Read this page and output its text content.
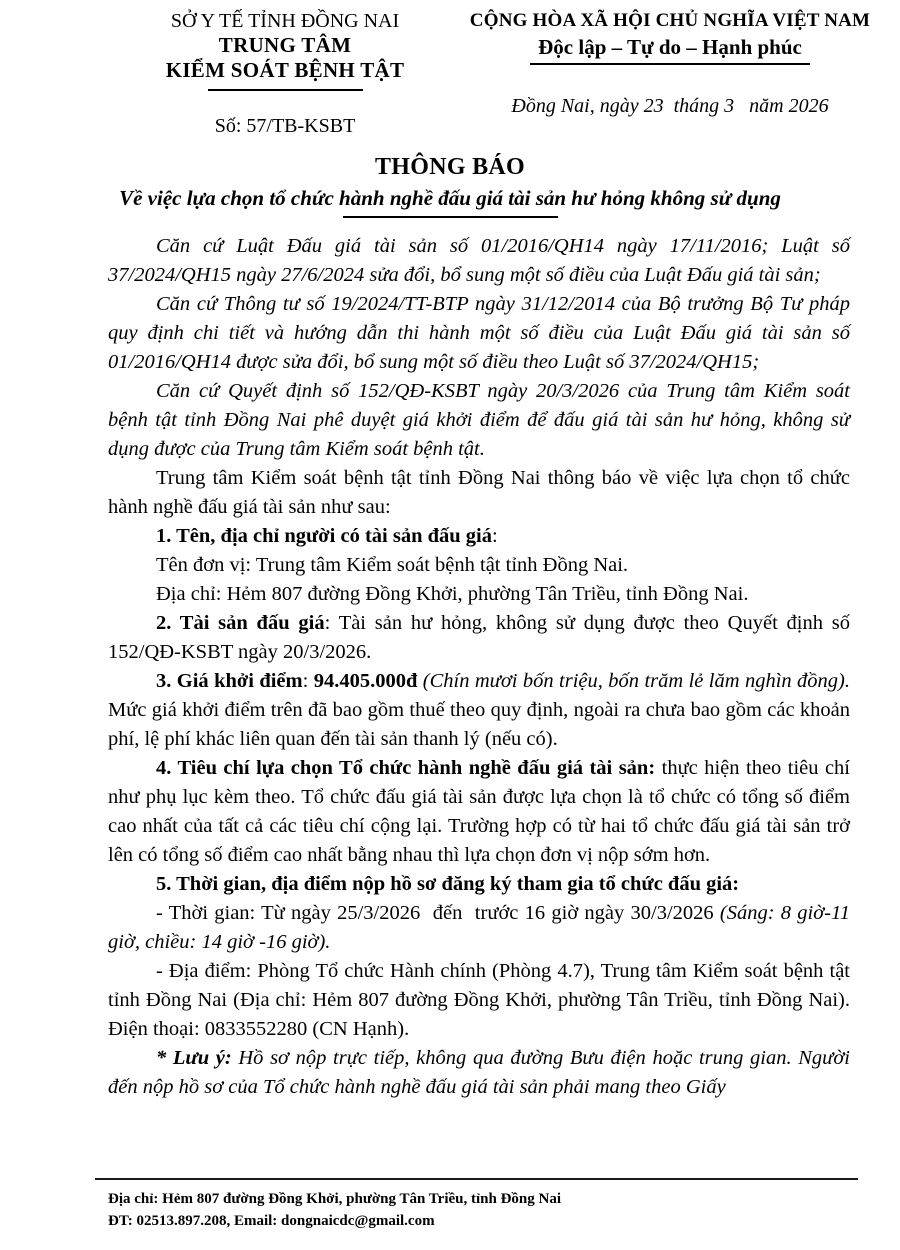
SỞ Y TẾ TỈNH ĐỒNG NAI
TRUNG TÂM
KIỂM SOÁT BỆNH TẬT
Số: 57/TB-KSBT
CỘNG HÒA XÃ HỘI CHỦ NGHĨA VIỆT NAM
Độc lập – Tự do – Hạnh phúc
Đồng Nai, ngày 23  tháng 3   năm 2026
THÔNG BÁO
Về việc lựa chọn tổ chức hành nghề đấu giá tài sản hư hỏng không sử dụng

Căn cứ Luật Đấu giá tài sản số 01/2016/QH14 ngày 17/11/2016; Luật số 37/2024/QH15 ngày 27/6/2024 sửa đổi, bổ sung một số điều của Luật Đấu giá tài sản;

Căn cứ Thông tư số 19/2024/TT-BTP ngày 31/12/2014 của Bộ trưởng Bộ Tư pháp quy định chi tiết và hướng dẫn thi hành một số điều của Luật Đấu giá tài sản số 01/2016/QH14 được sửa đổi, bổ sung một số điều theo Luật số 37/2024/QH15;

Căn cứ Quyết định số 152/QĐ-KSBT ngày 20/3/2026 của Trung tâm Kiểm soát bệnh tật tỉnh Đồng Nai phê duyệt giá khởi điểm để đấu giá tài sản hư hỏng, không sử dụng được của Trung tâm Kiểm soát bệnh tật.

Trung tâm Kiểm soát bệnh tật tỉnh Đồng Nai thông báo về việc lựa chọn tổ chức hành nghề đấu giá tài sản như sau:

1. Tên, địa chỉ người có tài sản đấu giá:

Tên đơn vị: Trung tâm Kiểm soát bệnh tật tỉnh Đồng Nai.

Địa chỉ: Hẻm 807 đường Đồng Khởi, phường Tân Triều, tỉnh Đồng Nai.

2. Tài sản đấu giá: Tài sản hư hỏng, không sử dụng được theo Quyết định số 152/QĐ-KSBT ngày 20/3/2026.

3. Giá khởi điểm: 94.405.000đ (Chín mươi bốn triệu, bốn trăm lẻ lăm nghìn đồng). Mức giá khởi điểm trên đã bao gồm thuế theo quy định, ngoài ra chưa bao gồm các khoản phí, lệ phí khác liên quan đến tài sản thanh lý (nếu có).

4. Tiêu chí lựa chọn Tổ chức hành nghề đấu giá tài sản: thực hiện theo tiêu chí như phụ lục kèm theo. Tổ chức đấu giá tài sản được lựa chọn là tổ chức có tổng số điểm cao nhất của tất cả các tiêu chí cộng lại. Trường hợp có từ hai tổ chức đấu giá tài sản trở lên có tổng số điểm cao nhất bằng nhau thì lựa chọn đơn vị nộp sớm hơn.

5. Thời gian, địa điểm nộp hồ sơ đăng ký tham gia tổ chức đấu giá:

- Thời gian: Từ ngày 25/3/2026  đến  trước 16 giờ ngày 30/3/2026 (Sáng: 8 giờ-11 giờ, chiều: 14 giờ -16 giờ).

- Địa điểm: Phòng Tổ chức Hành chính (Phòng 4.7), Trung tâm Kiểm soát bệnh tật tỉnh Đồng Nai (Địa chỉ: Hẻm 807 đường Đồng Khởi, phường Tân Triều, tỉnh Đồng Nai). Điện thoại: 0833552280 (CN Hạnh).

* Lưu ý: Hồ sơ nộp trực tiếp, không qua đường Bưu điện hoặc trung gian. Người đến nộp hồ sơ của Tổ chức hành nghề đấu giá tài sản phải mang theo Giấy

Địa chỉ: Hẻm 807 đường Đồng Khởi, phường Tân Triều, tỉnh Đồng Nai
ĐT: 02513.897.208, Email: dongnaicdc@gmail.com
